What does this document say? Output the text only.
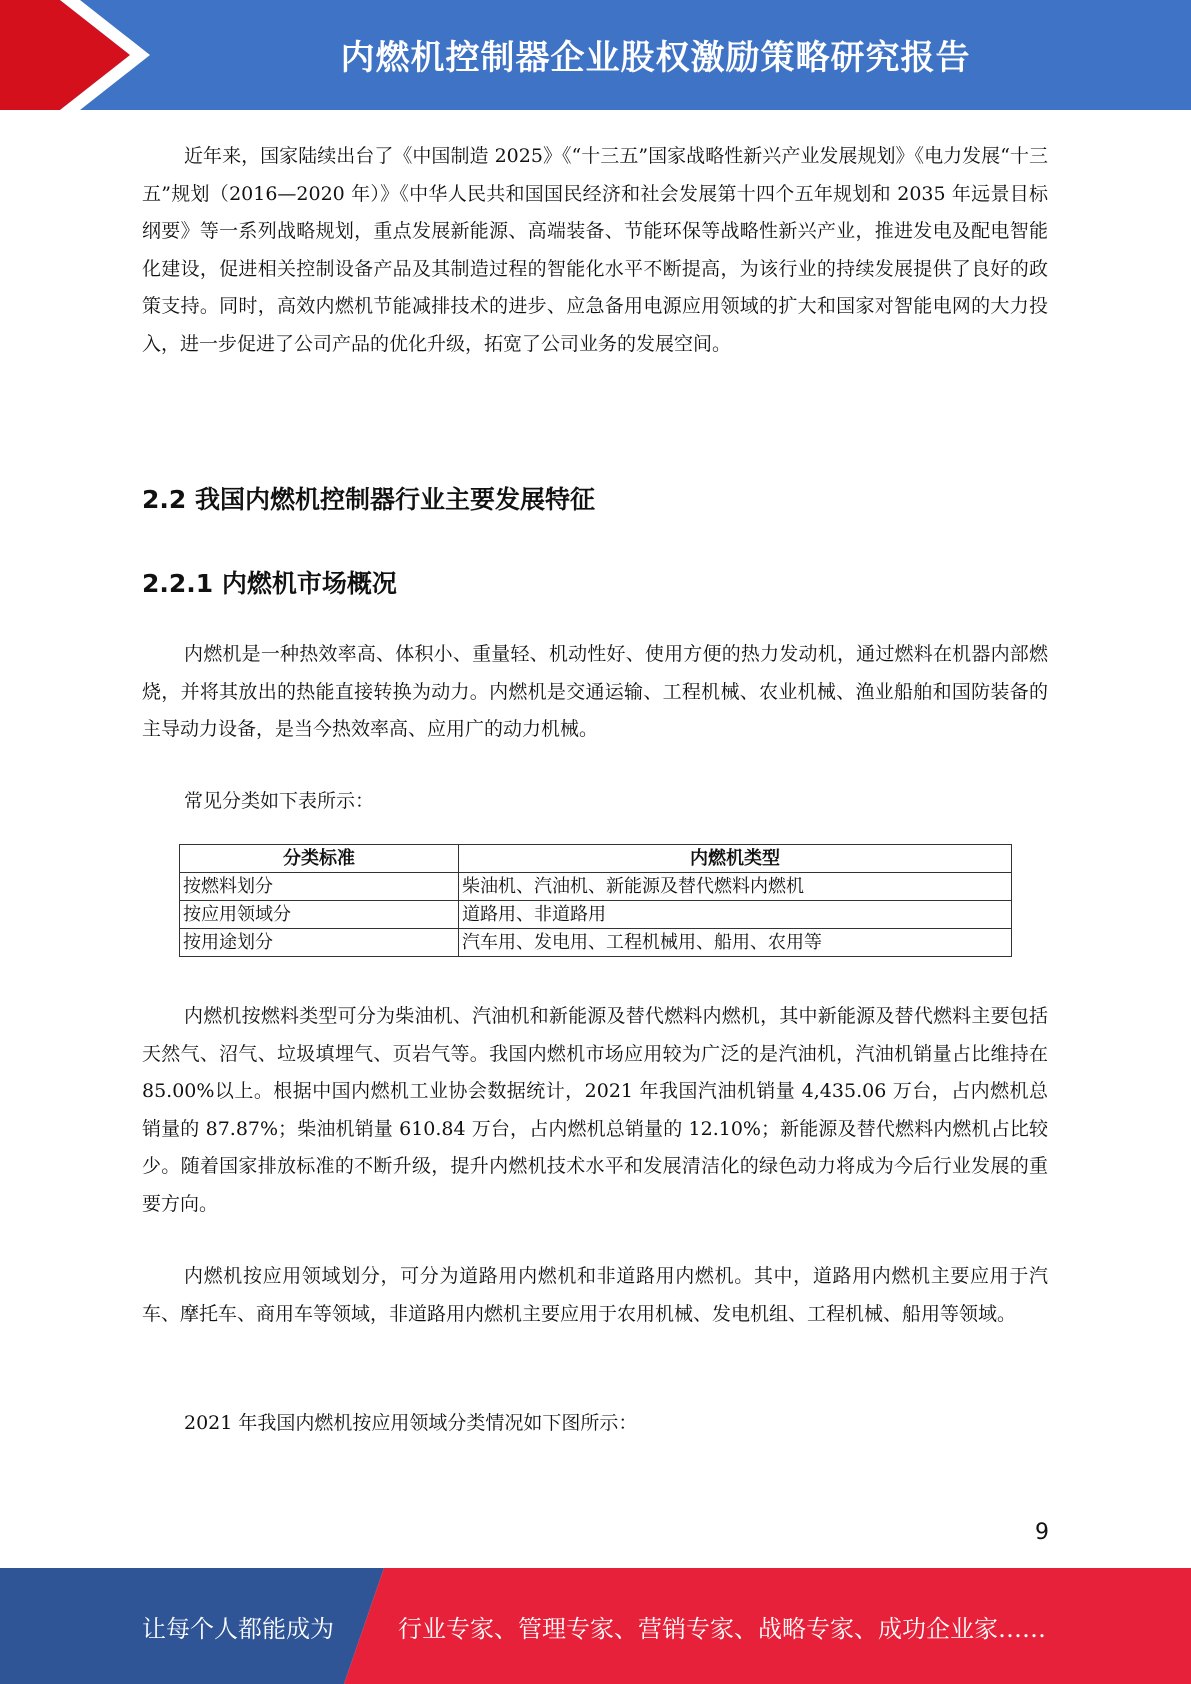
内燃机控制器企业股权激励策略研究报告

近年来，国家陆续出台了《中国制造 2025》《“十三五”国家战略性新兴产业发展规划》《电力发展“十三五”规划（2016—2020 年）》《中华人民共和国国民经济和社会发展第十四个五年规划和 2035 年远景目标纲要》等一系列战略规划，重点发展新能源、高端装备、节能环保等战略性新兴产业，推进发电及配电智能化建设，促进相关控制设备产品及其制造过程的智能化水平不断提高，为该行业的持续发展提供了良好的政策支持。同时，高效内燃机节能减排技术的进步、应急备用电源应用领域的扩大和国家对智能电网的大力投入，进一步促进了公司产品的优化升级，拓宽了公司业务的发展空间。

2.2 我国内燃机控制器行业主要发展特征
2.2.1 内燃机市场概况

内燃机是一种热效率高、体积小、重量轻、机动性好、使用方便的热力发动机，通过燃料在机器内部燃烧，并将其放出的热能直接转换为动力。内燃机是交通运输、工程机械、农业机械、渔业船舶和国防装备的主导动力设备，是当今热效率高、应用广的动力机械。

常见分类如下表所示：

分类标准	内燃机类型
按燃料划分	柴油机、汽油机、新能源及替代燃料内燃机
按应用领域分	道路用、非道路用
按用途划分	汽车用、发电用、工程机械用、船用、农用等

内燃机按燃料类型可分为柴油机、汽油机和新能源及替代燃料内燃机，其中新能源及替代燃料主要包括天然气、沼气、垃圾填埋气、页岩气等。我国内燃机市场应用较为广泛的是汽油机，汽油机销量占比维持在 85.00%以上。根据中国内燃机工业协会数据统计，2021 年我国汽油机销量 4,435.06 万台，占内燃机总销量的 87.87%；柴油机销量 610.84 万台，占内燃机总销量的 12.10%；新能源及替代燃料内燃机占比较少。随着国家排放标准的不断升级，提升内燃机技术水平和发展清洁化的绿色动力将成为今后行业发展的重要方向。

内燃机按应用领域划分，可分为道路用内燃机和非道路用内燃机。其中，道路用内燃机主要应用于汽车、摩托车、商用车等领域，非道路用内燃机主要应用于农用机械、发电机组、工程机械、船用等领域。

2021 年我国内燃机按应用领域分类情况如下图所示：

9
让每个人都能成为	行业专家、管理专家、营销专家、战略专家、成功企业家……
